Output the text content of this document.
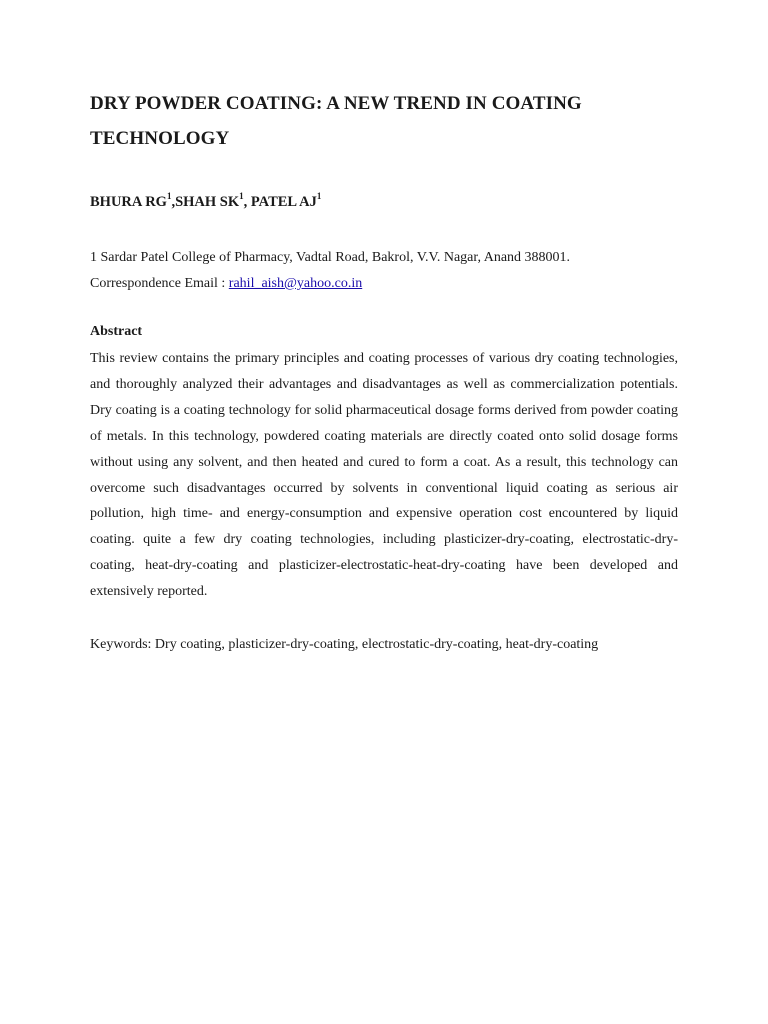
DRY POWDER COATING: A NEW TREND IN COATING TECHNOLOGY

BHURA $RG^1,SHAH$ $SK^1$, PATEL $AJ^1$

1 Sardar Patel College of Pharmacy, Vadtal Road, Bakrol, V.V. Nagar, Anand 388001.

Correspondence Email : rahil_aish@yahoo.co.in

Abstract

This review contains the primary principles and coating processes of various dry coating technologies, and thoroughly analyzed their advantages and disadvantages as well as commercialization potentials. Dry coating is a coating technology for solid pharmaceutical dosage forms derived from powder coating of metals. In this technology, powdered coating materials are directly coated onto solid dosage forms without using any solvent, and then heated and cured to form a coat. As a result, this technology can overcome such disadvantages occurred by solvents in conventional liquid coating as serious air pollution, high time- and energy-consumption and expensive operation cost encountered by liquid coating. quite a few dry coating technologies, including plasticizer-dry-coating, electrostatic-dry-coating, heat-dry-coating and plasticizer-electrostatic-heat-dry-coating have been developed and extensively reported.

Keywords: Dry coating, plasticizer-dry-coating, electrostatic-dry-coating, heat-dry-coating
